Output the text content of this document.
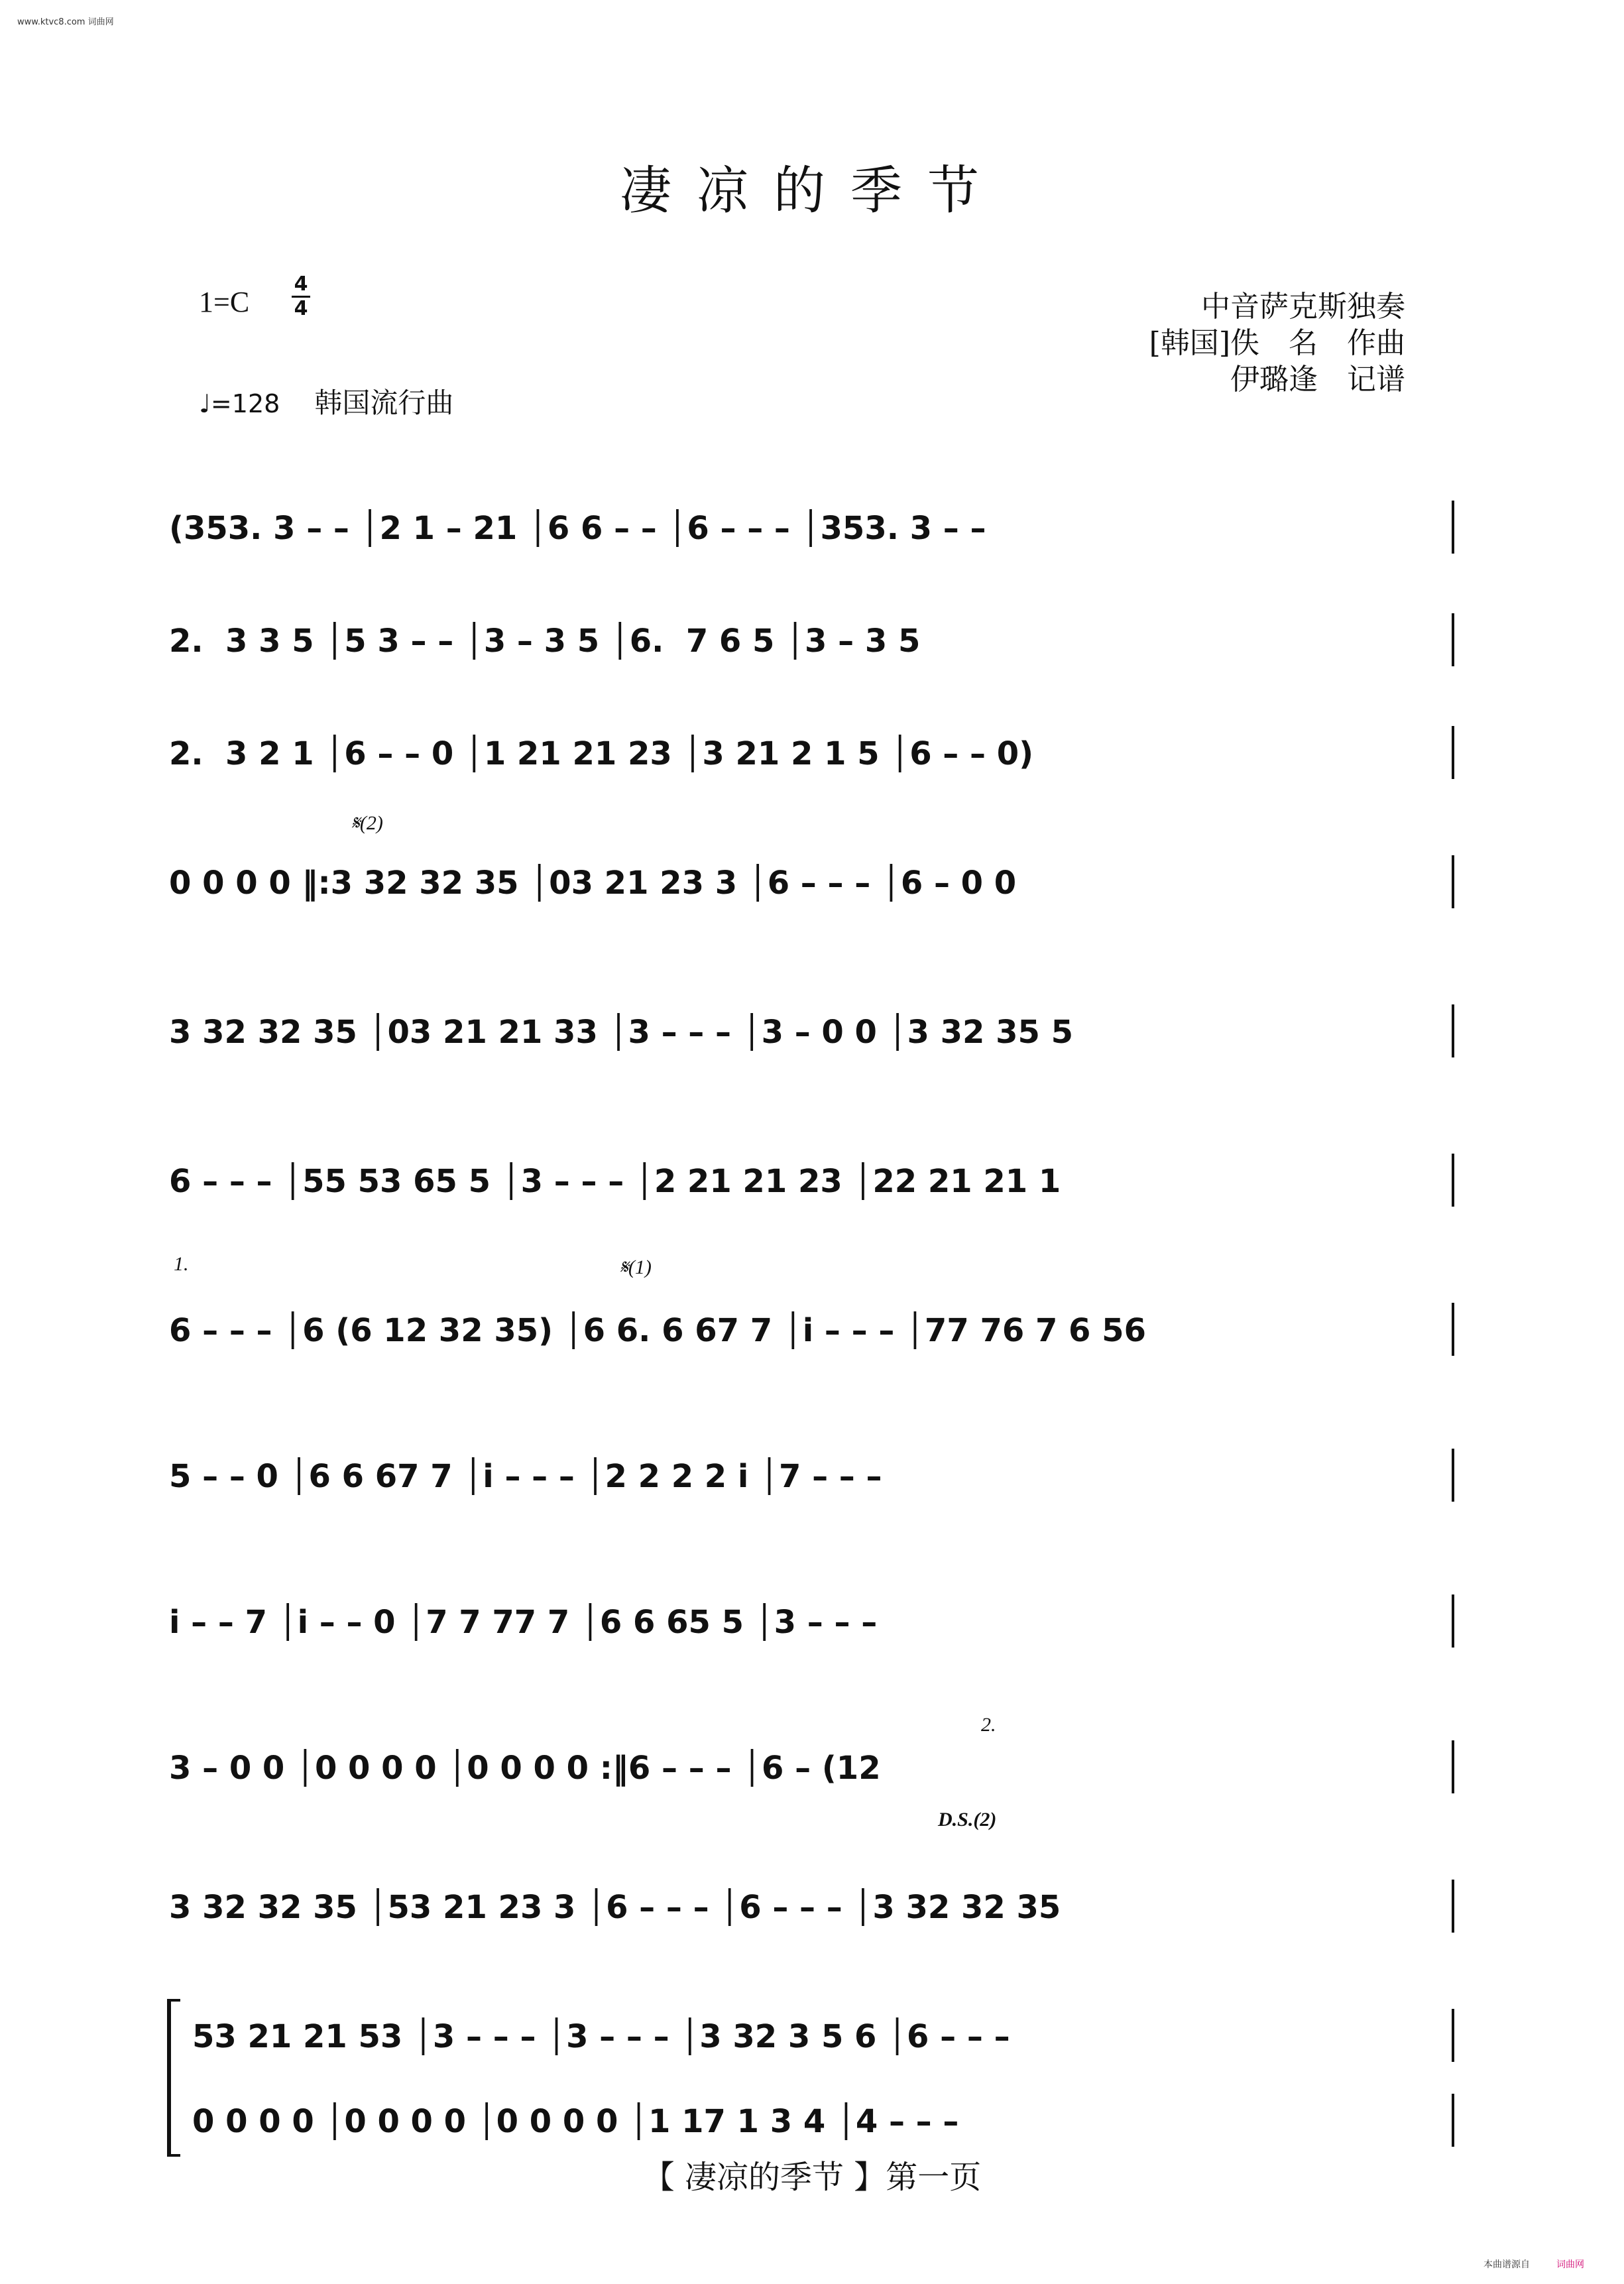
www.ktvc8.com 词曲网
凄凉的季节
1=C
4
4	中音萨克斯独奏
[韩国]佚　名　作曲
伊璐逢　记谱
♩=128 韩国流行曲
(353. 3 – – │2 1 – 21 │6 6 – – │6 – – – │353. 3 – –
2.  3 3 5 │5 3 – – │3 – 3 5 │6.  7 6 5 │3 – 3 5
2.  3 2 1 │6 – – 0 │1 21 21 23 │3 21 2 1 5 │6 – – 0)
𝄋(2)
0 0 0 0 ‖:3 32 32 35 │03 21 23 3 │6 – – – │6 – 0 0
3 32 32 35 │03 21 21 33 │3 – – – │3 – 0 0 │3 32 35 5
6 – – – │55 53 65 5 │3 – – – │2 21 21 23 │22 21 21 1
1.	𝄋(1)
6 – – – │6 (6 12 32 35) │6 6. 6 67 7 │i – – – │77 76 7 6 56
5 – – 0 │6 6 67 7 │i – – – │2 2 2 2 i │7 – – –
i – – 7 │i – – 0 │7 7 77 7 │6 6 65 5 │3 – – –
2.
3 – 0 0 │0 0 0 0 │0 0 0 0 :‖6 – – – │6 – (12
D.S.(2)
3 32 32 35 │53 21 23 3 │6 – – – │6 – – – │3 32 32 35
53 21 21 53 │3 – – – │3 – – – │3 32 3 5 6 │6 – – –
0 0 0 0 │0 0 0 0 │0 0 0 0 │1 17 1 3 4 │4 – – –
【 凄凉的季节 】第一页
本曲谱源自	词曲网
